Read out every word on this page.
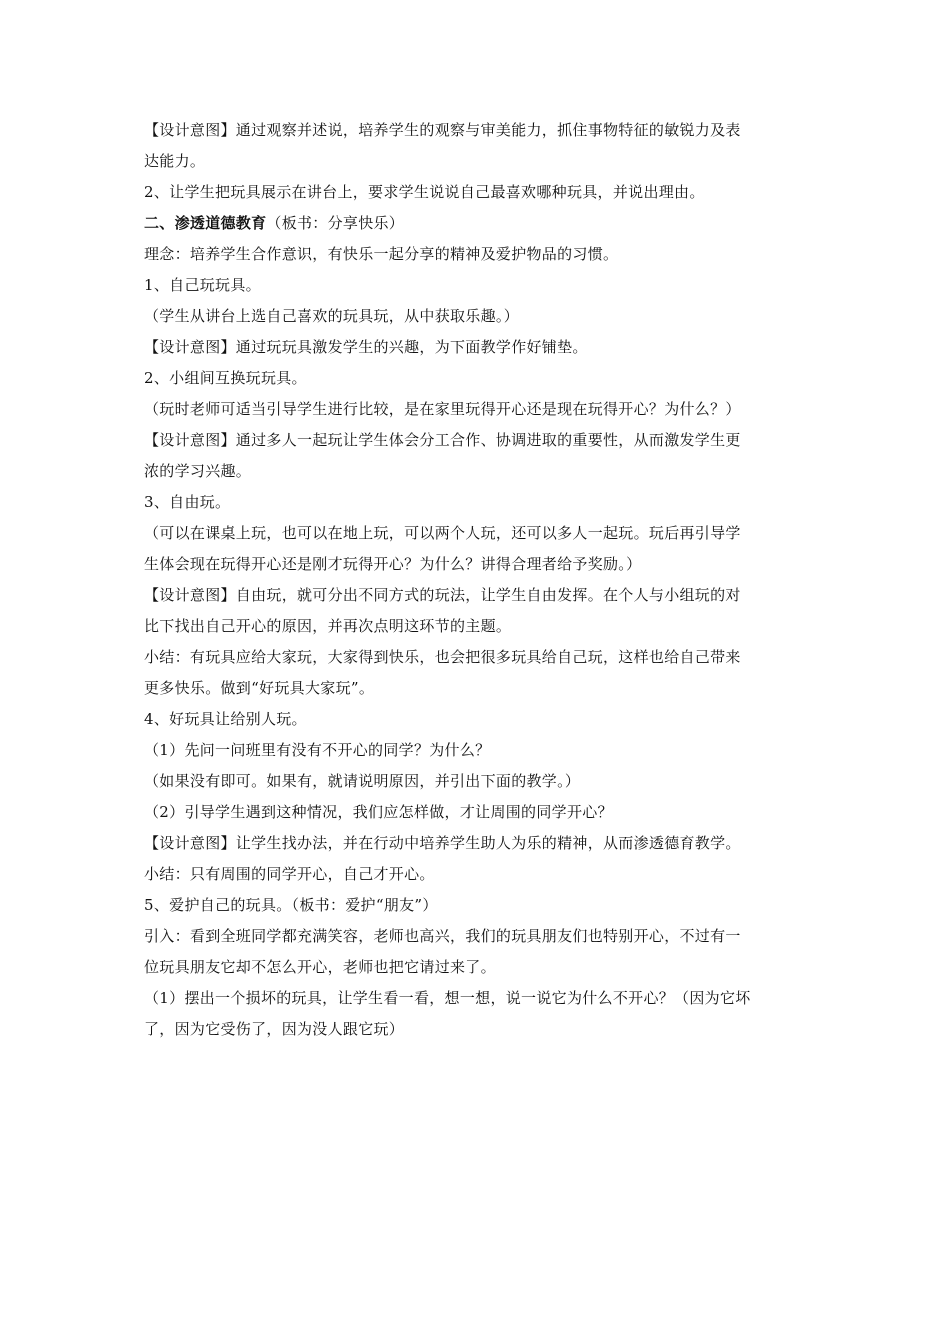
【设计意图】通过观察并述说，培养学生的观察与审美能力，抓住事物特征的敏锐力及表
达能力。
2、让学生把玩具展示在讲台上，要求学生说说自己最喜欢哪种玩具，并说出理由。
二、渗透道德教育（板书：分享快乐）
理念：培养学生合作意识，有快乐一起分享的精神及爱护物品的习惯。
1、自己玩玩具。
（学生从讲台上选自己喜欢的玩具玩，从中获取乐趣。）
【设计意图】通过玩玩具激发学生的兴趣，为下面教学作好铺垫。
2、小组间互换玩玩具。
（玩时老师可适当引导学生进行比较，是在家里玩得开心还是现在玩得开心？为什么？）
【设计意图】通过多人一起玩让学生体会分工合作、协调进取的重要性，从而激发学生更
浓的学习兴趣。
3、自由玩。
（可以在课桌上玩，也可以在地上玩，可以两个人玩，还可以多人一起玩。玩后再引导学
生体会现在玩得开心还是刚才玩得开心？为什么？讲得合理者给予奖励。）
【设计意图】自由玩，就可分出不同方式的玩法，让学生自由发挥。在个人与小组玩的对
比下找出自己开心的原因，并再次点明这环节的主题。
小结：有玩具应给大家玩，大家得到快乐，也会把很多玩具给自己玩，这样也给自己带来
更多快乐。做到“好玩具大家玩”。
4、好玩具让给别人玩。
（1）先问一问班里有没有不开心的同学？为什么？
（如果没有即可。如果有，就请说明原因，并引出下面的教学。）
（2）引导学生遇到这种情况，我们应怎样做，才让周围的同学开心？
【设计意图】让学生找办法，并在行动中培养学生助人为乐的精神，从而渗透德育教学。
小结：只有周围的同学开心，自己才开心。
5、爱护自己的玩具。（板书：爱护“朋友”）
引入：看到全班同学都充满笑容，老师也高兴，我们的玩具朋友们也特别开心，不过有一
位玩具朋友它却不怎么开心，老师也把它请过来了。
（1）摆出一个损坏的玩具，让学生看一看，想一想，说一说它为什么不开心？（因为它坏
了，因为它受伤了，因为没人跟它玩）
